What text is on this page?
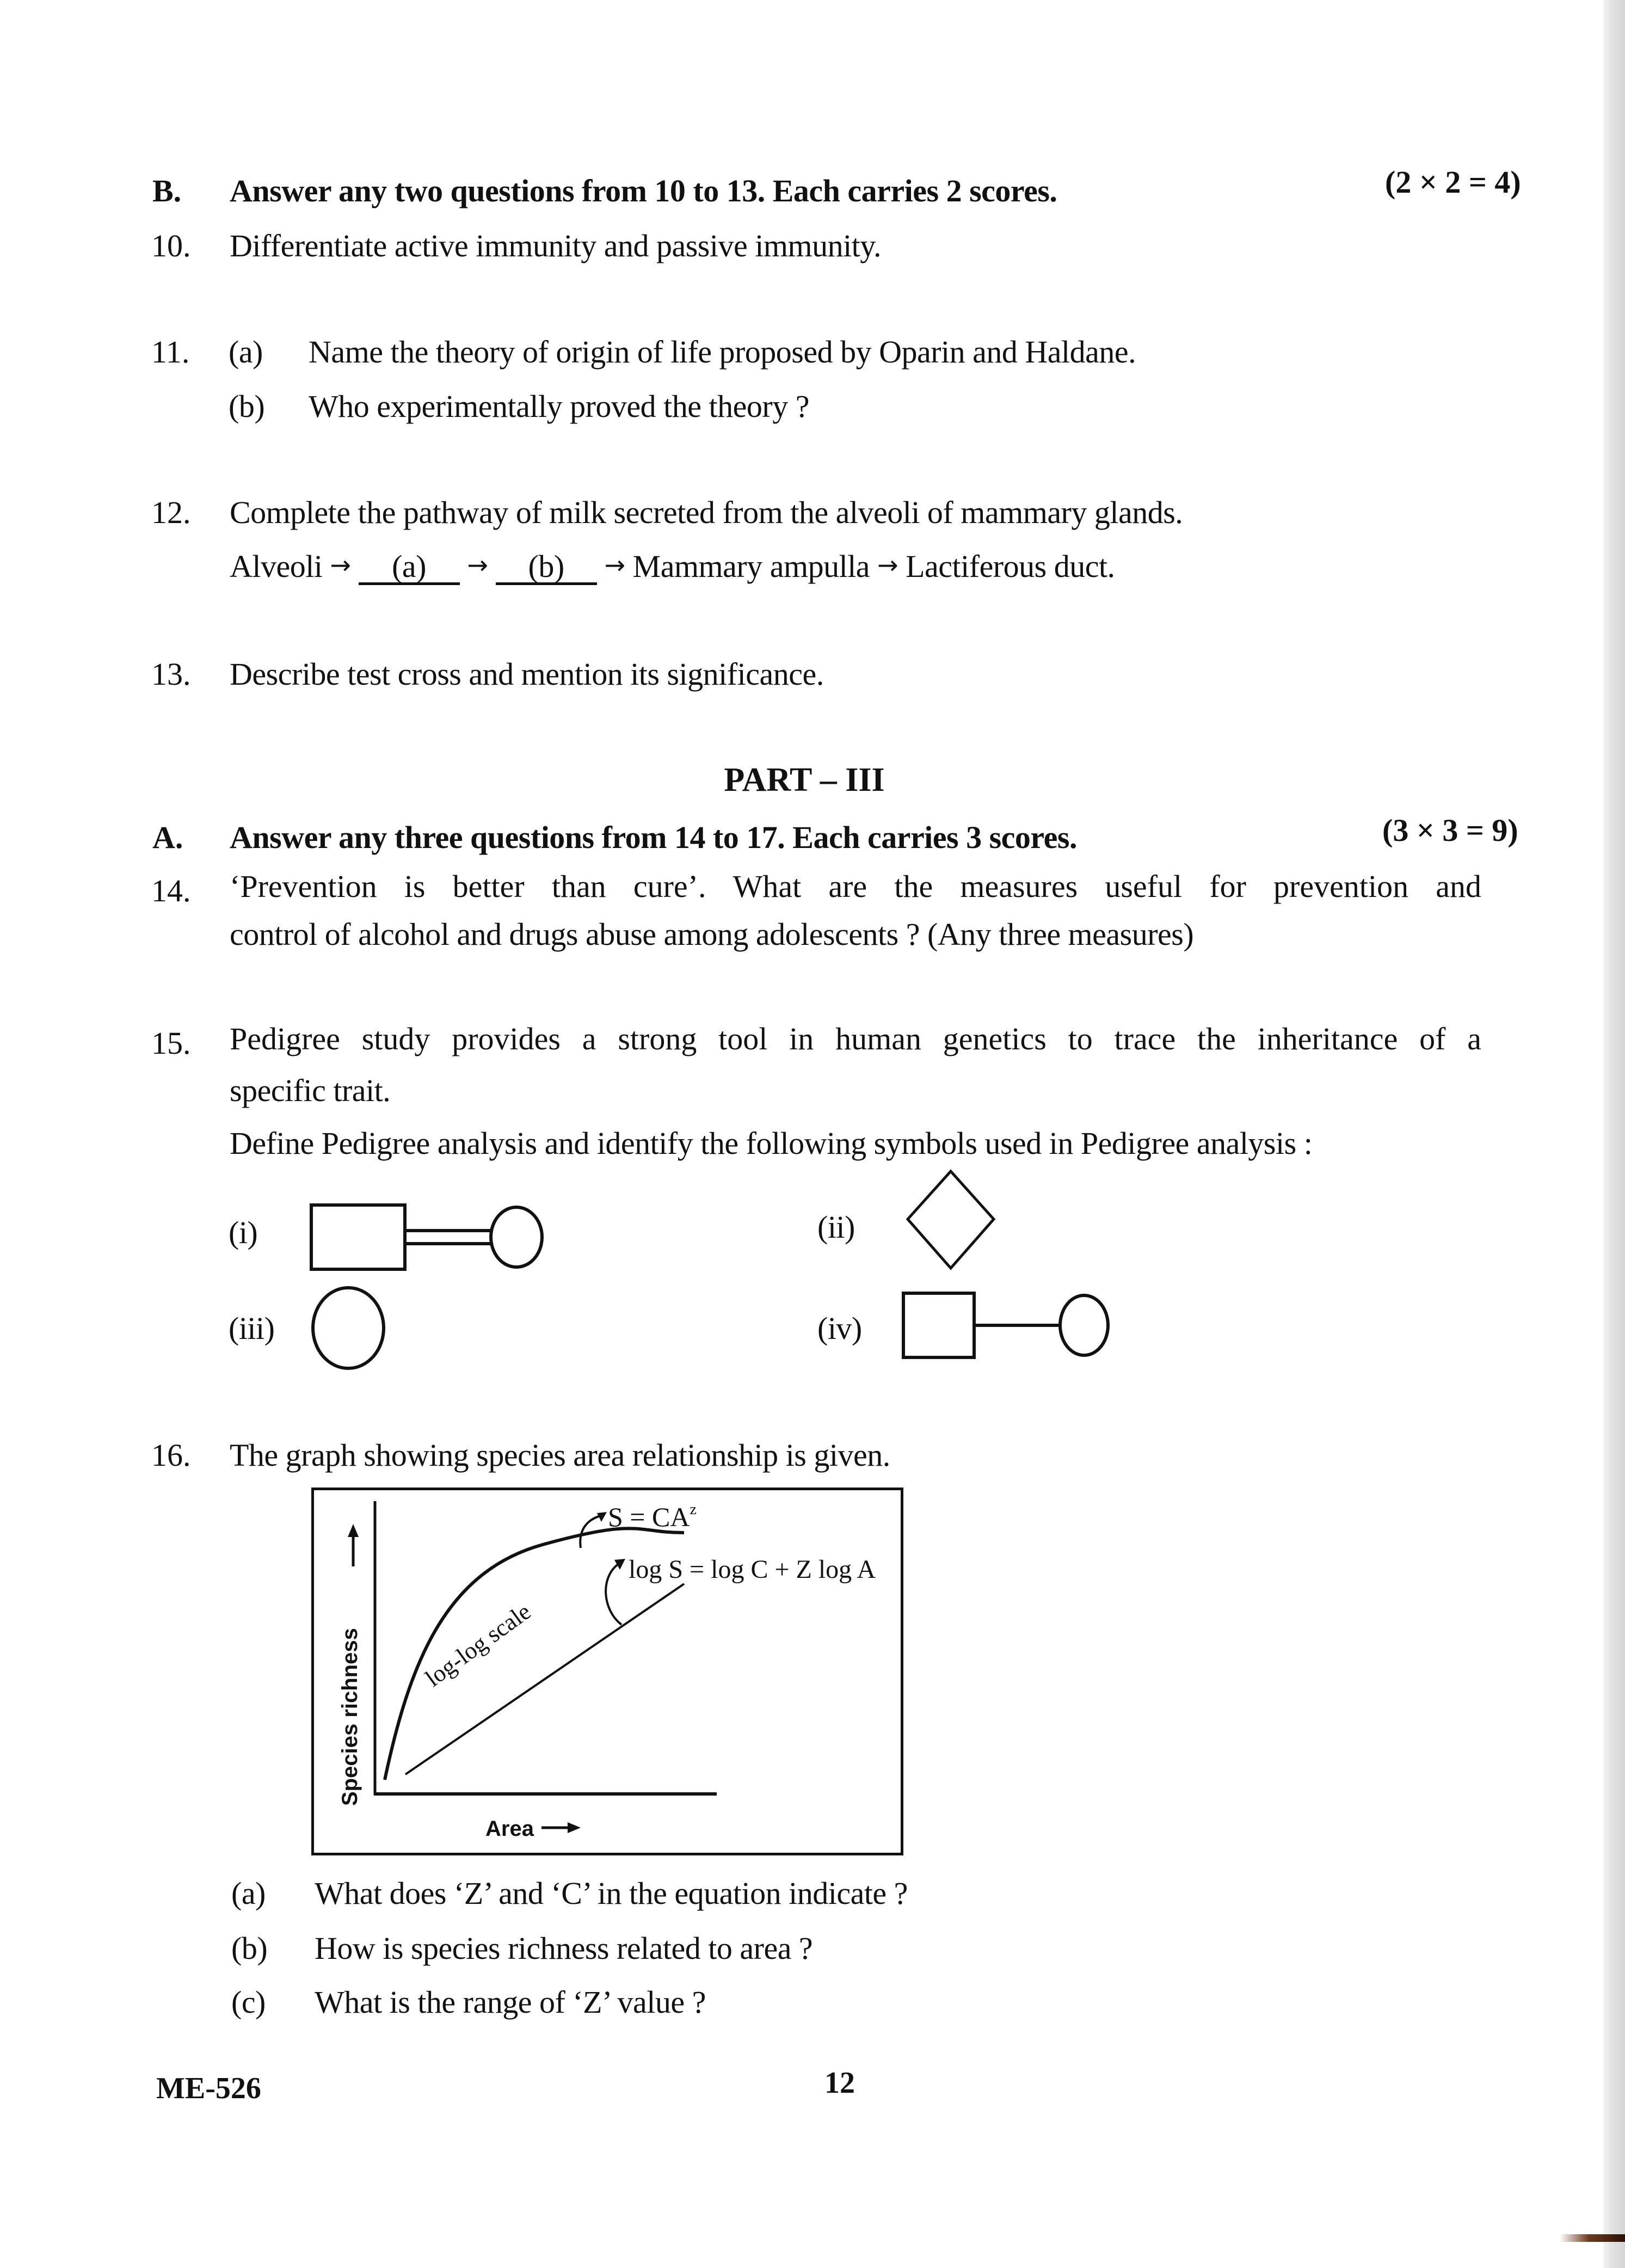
B. Answer any two questions from 10 to 13. Each carries 2 scores.	(2 × 2 = 4)
10. Differentiate active immunity and passive immunity.
11. (a) Name the theory of origin of life proposed by Oparin and Haldane.
(b) Who experimentally proved the theory ?
12. Complete the pathway of milk secreted from the alveoli of mammary glands.
Alveoli → (a) → (b) → Mammary ampulla → Lactiferous duct.
13. Describe test cross and mention its significance.
PART – III
A. Answer any three questions from 14 to 17. Each carries 3 scores.	(3 × 3 = 9)
14. ‘Prevention is better than cure’. What are the measures useful for prevention and
control of alcohol and drugs abuse among adolescents ? (Any three measures)
15. Pedigree study provides a strong tool in human genetics to trace the inheritance of a
specific trait.
Define Pedigree analysis and identify the following symbols used in Pedigree analysis :
(i)	(ii)
(iii)	(iv)
16. The graph showing species area relationship is given.
$S = CA^z$
log S = log C + Z log A
log-log scale
Species richness
Area
(a) What does ‘Z’ and ‘C’ in the equation indicate ?
(b) How is species richness related to area ?
(c) What is the range of ‘Z’ value ?
ME-526	12
